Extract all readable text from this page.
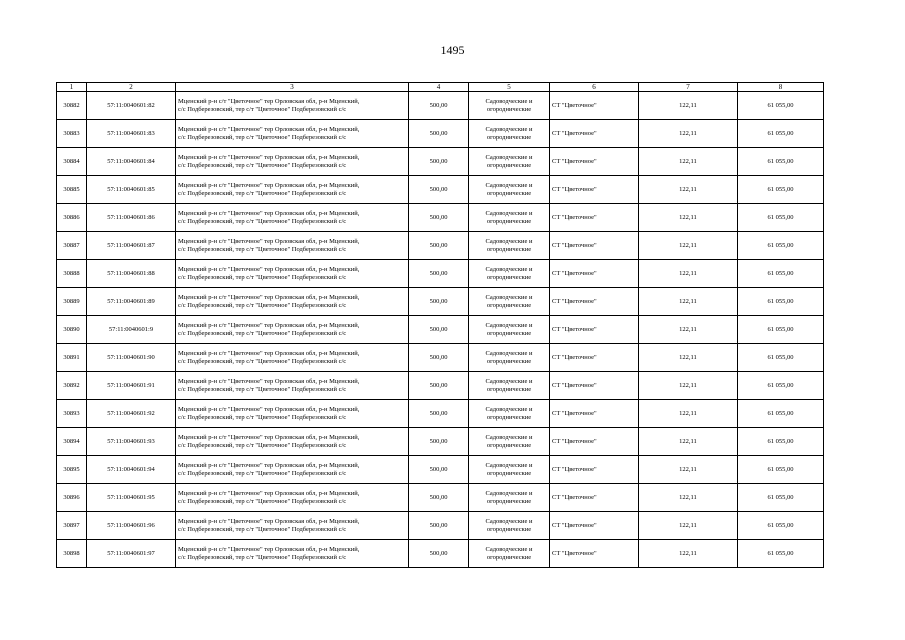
1495
1	2	3	4	5	6	7	8
30882	57:11:0040601:82	Мценский р-н с/т "Цветочное" тер Орловская обл, р-н Мценский,
с/с Подберезовский, тер с/т "Цветочное" Подберезовский с/с	500,00	Садоводческие и
огороднические	СТ "Цветочное"	122,11	61 055,00
30883	57:11:0040601:83	Мценский р-н с/т "Цветочное" тер Орловская обл, р-н Мценский,
с/с Подберезовский, тер с/т "Цветочное" Подберезовский с/с	500,00	Садоводческие и
огороднические	СТ "Цветочное"	122,11	61 055,00
30884	57:11:0040601:84	Мценский р-н с/т "Цветочное" тер Орловская обл, р-н Мценский,
с/с Подберезовский, тер с/т "Цветочное" Подберезовский с/с	500,00	Садоводческие и
огороднические	СТ "Цветочное"	122,11	61 055,00
30885	57:11:0040601:85	Мценский р-н с/т "Цветочное" тер Орловская обл, р-н Мценский,
с/с Подберезовский, тер с/т "Цветочное" Подберезовский с/с	500,00	Садоводческие и
огороднические	СТ "Цветочное"	122,11	61 055,00
30886	57:11:0040601:86	Мценский р-н с/т "Цветочное" тер Орловская обл, р-н Мценский,
с/с Подберезовский, тер с/т "Цветочное" Подберезовский с/с	500,00	Садоводческие и
огороднические	СТ "Цветочное"	122,11	61 055,00
30887	57:11:0040601:87	Мценский р-н с/т "Цветочное" тер Орловская обл, р-н Мценский,
с/с Подберезовский, тер с/т "Цветочное" Подберезовский с/с	500,00	Садоводческие и
огороднические	СТ "Цветочное"	122,11	61 055,00
30888	57:11:0040601:88	Мценский р-н с/т "Цветочное" тер Орловская обл, р-н Мценский,
с/с Подберезовский, тер с/т "Цветочное" Подберезовский с/с	500,00	Садоводческие и
огороднические	СТ "Цветочное"	122,11	61 055,00
30889	57:11:0040601:89	Мценский р-н с/т "Цветочное" тер Орловская обл, р-н Мценский,
с/с Подберезовский, тер с/т "Цветочное" Подберезовский с/с	500,00	Садоводческие и
огороднические	СТ "Цветочное"	122,11	61 055,00
30890	57:11:0040601:9	Мценский р-н с/т "Цветочное" тер Орловская обл, р-н Мценский,
с/с Подберезовский, тер с/т "Цветочное" Подберезовский с/с	500,00	Садоводческие и
огороднические	СТ "Цветочное"	122,11	61 055,00
30891	57:11:0040601:90	Мценский р-н с/т "Цветочное" тер Орловская обл, р-н Мценский,
с/с Подберезовский, тер с/т "Цветочное" Подберезовский с/с	500,00	Садоводческие и
огороднические	СТ "Цветочное"	122,11	61 055,00
30892	57:11:0040601:91	Мценский р-н с/т "Цветочное" тер Орловская обл, р-н Мценский,
с/с Подберезовский, тер с/т "Цветочное" Подберезовский с/с	500,00	Садоводческие и
огороднические	СТ "Цветочное"	122,11	61 055,00
30893	57:11:0040601:92	Мценский р-н с/т "Цветочное" тер Орловская обл, р-н Мценский,
с/с Подберезовский, тер с/т "Цветочное" Подберезовский с/с	500,00	Садоводческие и
огороднические	СТ "Цветочное"	122,11	61 055,00
30894	57:11:0040601:93	Мценский р-н с/т "Цветочное" тер Орловская обл, р-н Мценский,
с/с Подберезовский, тер с/т "Цветочное" Подберезовский с/с	500,00	Садоводческие и
огороднические	СТ "Цветочное"	122,11	61 055,00
30895	57:11:0040601:94	Мценский р-н с/т "Цветочное" тер Орловская обл, р-н Мценский,
с/с Подберезовский, тер с/т "Цветочное" Подберезовский с/с	500,00	Садоводческие и
огороднические	СТ "Цветочное"	122,11	61 055,00
30896	57:11:0040601:95	Мценский р-н с/т "Цветочное" тер Орловская обл, р-н Мценский,
с/с Подберезовский, тер с/т "Цветочное" Подберезовский с/с	500,00	Садоводческие и
огороднические	СТ "Цветочное"	122,11	61 055,00
30897	57:11:0040601:96	Мценский р-н с/т "Цветочное" тер Орловская обл, р-н Мценский,
с/с Подберезовский, тер с/т "Цветочное" Подберезовский с/с	500,00	Садоводческие и
огороднические	СТ "Цветочное"	122,11	61 055,00
30898	57:11:0040601:97	Мценский р-н с/т "Цветочное" тер Орловская обл, р-н Мценский,
с/с Подберезовский, тер с/т "Цветочное" Подберезовский с/с	500,00	Садоводческие и
огороднические	СТ "Цветочное"	122,11	61 055,00
